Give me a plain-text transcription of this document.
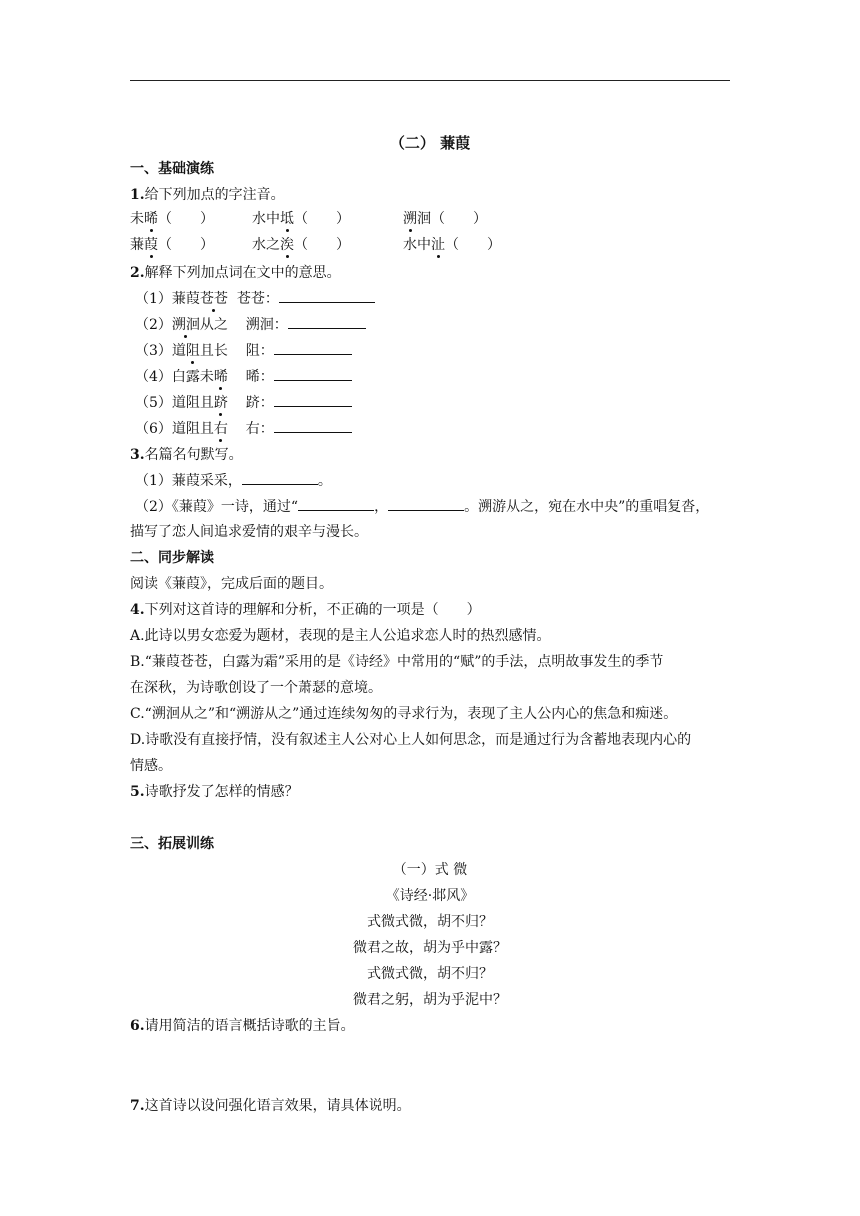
（二） 蒹葭
一、基础演练
1.给下列加点的字注音。
未晞（　　）	水中坻（　　）	溯洄（　　）
蒹葭（　　）	水之涘（　　）	水中沚（　　）
2.解释下列加点词在文中的意思。
（1）蒹葭苍苍 苍苍：
（2）溯洄从之 溯洄：
（3）道阻且长 阻：
（4）白露未晞 晞：
（5）道阻且跻 跻：
（6）道阻且右 右：
3.名篇名句默写。
（1）蒹葭采采，	。
（2）《蒹葭》一诗，通过“	，	。溯游从之，宛在水中央”的重唱复沓，
描写了恋人间追求爱情的艰辛与漫长。
二、同步解读
阅读《蒹葭》，完成后面的题目。
4.下列对这首诗的理解和分析，不正确的一项是（　　）
A.此诗以男女恋爱为题材，表现的是主人公追求恋人时的热烈感情。
B.“蒹葭苍苍，白露为霜”采用的是《诗经》中常用的“赋”的手法，点明故事发生的季节
在深秋，为诗歌创设了一个萧瑟的意境。
C.“溯洄从之”和“溯游从之”通过连续匆匆的寻求行为，表现了主人公内心的焦急和痴迷。
D.诗歌没有直接抒情，没有叙述主人公对心上人如何思念，而是通过行为含蓄地表现内心的
情感。
5.诗歌抒发了怎样的情感？
三、拓展训练
（一）式 微
《诗经·邶风》
式微式微，胡不归？
微君之故，胡为乎中露？
式微式微，胡不归？
微君之躬，胡为乎泥中？
6.请用简洁的语言概括诗歌的主旨。
7.这首诗以设问强化语言效果，请具体说明。
